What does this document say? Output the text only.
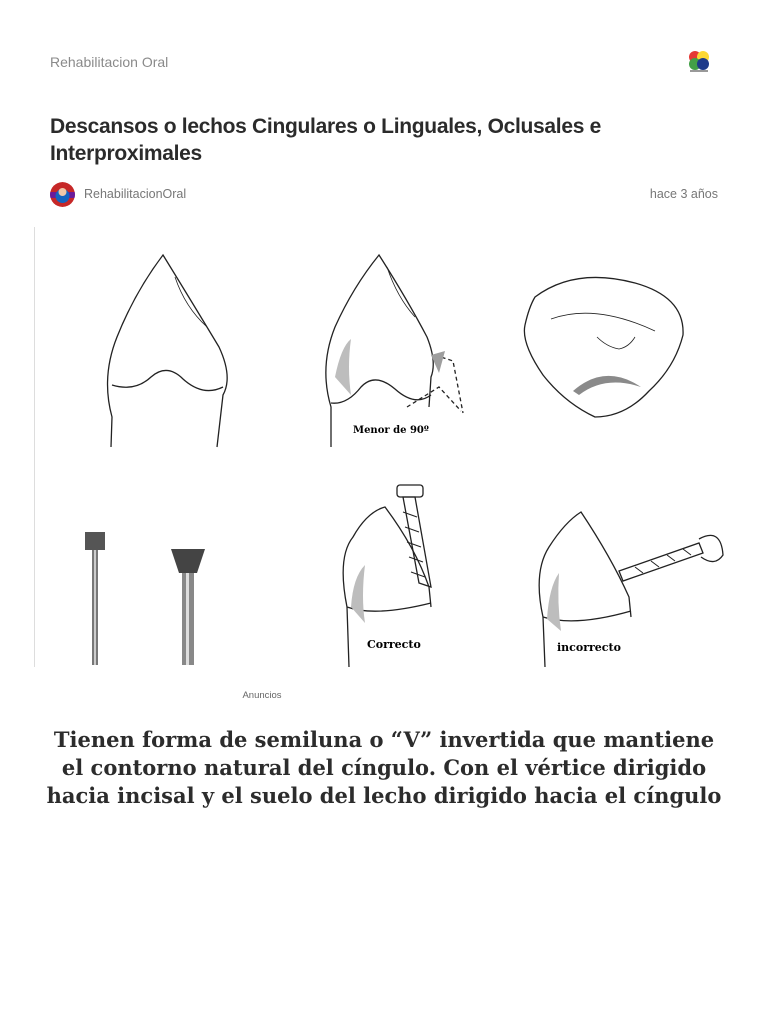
Rehabilitacion Oral
Descansos o lechos Cingulares o Linguales, Oclusales e Interproximales
RehabilitacionOral	hace 3 años
Menor de 90º
Correcto	incorrecto
Anuncios

Tienen forma de semiluna o “V” invertida que mantiene el contorno natural del cíngulo. Con el vértice dirigido hacia incisal y el suelo del lecho dirigido hacia el cíngulo
